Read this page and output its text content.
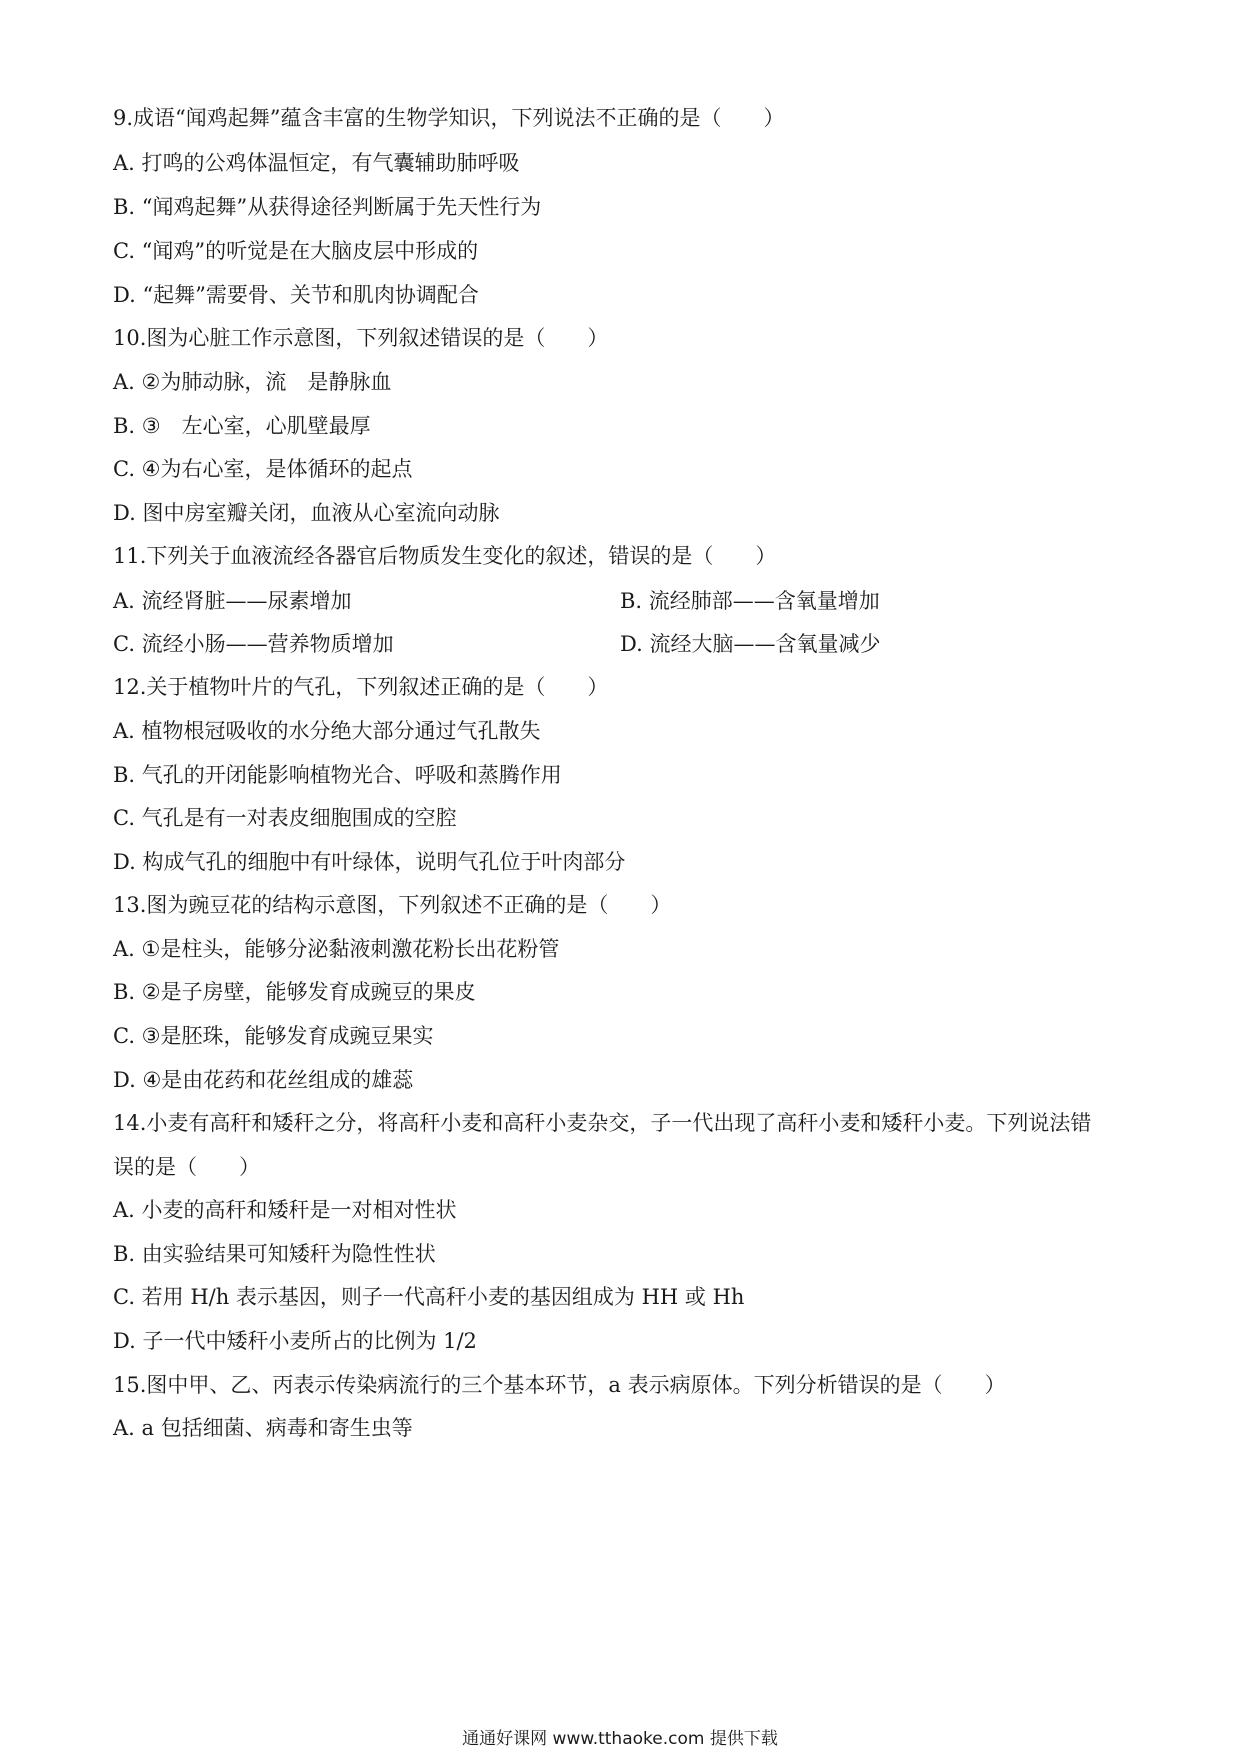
9.成语“闻鸡起舞”蕴含丰富的生物学知识，下列说法不正确的是（　　）
A. 打鸣的公鸡体温恒定，有气囊辅助肺呼吸
B. “闻鸡起舞”从获得途径判断属于先天性行为
C. “闻鸡”的听觉是在大脑皮层中形成的
D. “起舞”需要骨、关节和肌肉协调配合
10.图为心脏工作示意图，下列叙述错误的是（　　）
A. ②为肺动脉，流　是静脉血
B. ③　左心室，心肌壁最厚
C. ④为右心室，是体循环的起点
D. 图中房室瓣关闭，血液从心室流向动脉
11.下列关于血液流经各器官后物质发生变化的叙述，错误的是（　　）
A. 流经肾脏——尿素增加	B. 流经肺部——含氧量增加
C. 流经小肠——营养物质增加	D. 流经大脑——含氧量减少
12.关于植物叶片的气孔，下列叙述正确的是（　　）
A. 植物根冠吸收的水分绝大部分通过气孔散失
B. 气孔的开闭能影响植物光合、呼吸和蒸腾作用
C. 气孔是有一对表皮细胞围成的空腔
D. 构成气孔的细胞中有叶绿体，说明气孔位于叶肉部分
13.图为豌豆花的结构示意图，下列叙述不正确的是（　　）
A. ①是柱头，能够分泌黏液刺激花粉长出花粉管
B. ②是子房壁，能够发育成豌豆的果皮
C. ③是胚珠，能够发育成豌豆果实
D. ④是由花药和花丝组成的雄蕊
14.小麦有高秆和矮秆之分，将高秆小麦和高秆小麦杂交，子一代出现了高秆小麦和矮秆小麦。下列说法错
误的是（　　）
A. 小麦的高秆和矮秆是一对相对性状
B. 由实验结果可知矮秆为隐性性状
C. 若用 H/h 表示基因，则子一代高秆小麦的基因组成为 HH 或 Hh
D. 子一代中矮秆小麦所占的比例为 1/2
15.图中甲、乙、丙表示传染病流行的三个基本环节，a 表示病原体。下列分析错误的是（　　）
A. a 包括细菌、病毒和寄生虫等
通通好课网 www.tthaoke.com 提供下载
